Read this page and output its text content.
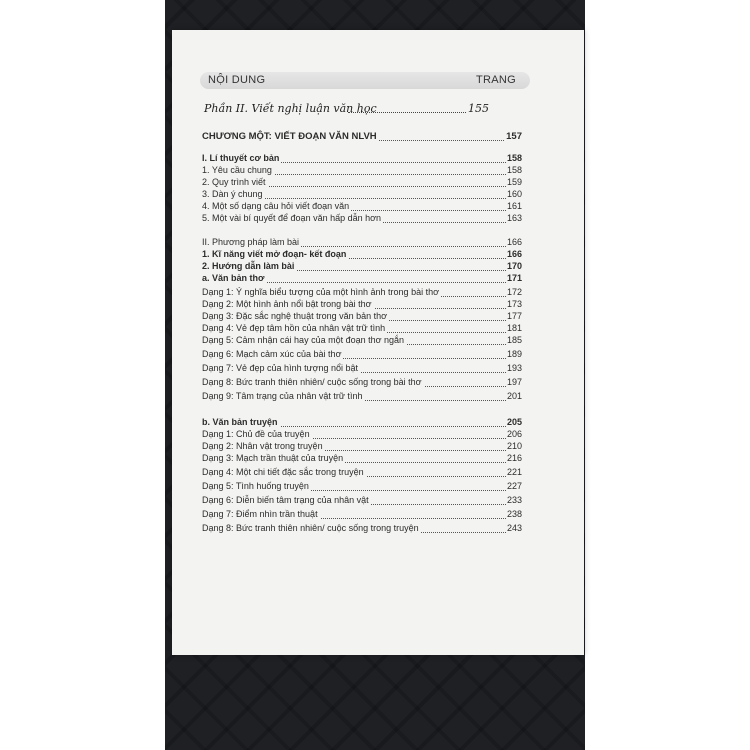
NỘI DUNG	TRANG
Phần II. Viết nghị luận văn học	155
CHƯƠNG MỘT: VIẾT ĐOẠN VĂN NLVH	157
I. Lí thuyết cơ bản	158
1. Yêu cầu chung	158
2. Quy trình viết	159
3. Dàn ý chung	160
4. Một số dạng câu hỏi viết đoạn văn	161
5. Một vài bí quyết để đoạn văn hấp dẫn hơn	163
II. Phương pháp làm bài	166
1. Kĩ năng viết mở đoạn- kết đoạn	166
2. Hướng dẫn làm bài	170
a. Văn bản thơ	171
Dạng 1: Ý nghĩa biểu tượng của một hình ảnh trong bài thơ	172
Dạng 2: Một hình ảnh nổi bật trong bài thơ	173
Dạng 3: Đặc sắc nghệ thuật trong văn bản thơ	177
Dạng 4: Vẻ đẹp tâm hồn của nhân vật trữ tình	181
Dạng 5: Cảm nhận cái hay của một đoạn thơ ngắn	185
Dạng 6: Mạch cảm xúc của bài thơ	189
Dạng 7: Vẻ đẹp của hình tượng nổi bật	193
Dạng 8: Bức tranh thiên nhiên/ cuộc sống trong bài thơ	197
Dạng 9: Tâm trạng của nhân vật trữ tình	201
b. Văn bản truyện	205
Dạng 1: Chủ đề của truyện	206
Dạng 2: Nhân vật trong truyện	210
Dạng 3: Mạch trần thuật của truyện	216
Dạng 4: Một chi tiết đặc sắc trong truyện	221
Dạng 5: Tình huống truyện	227
Dạng 6: Diễn biến tâm trạng của nhân vật	233
Dạng 7: Điểm nhìn trần thuật	238
Dạng 8: Bức tranh thiên nhiên/ cuộc sống trong truyện	243
